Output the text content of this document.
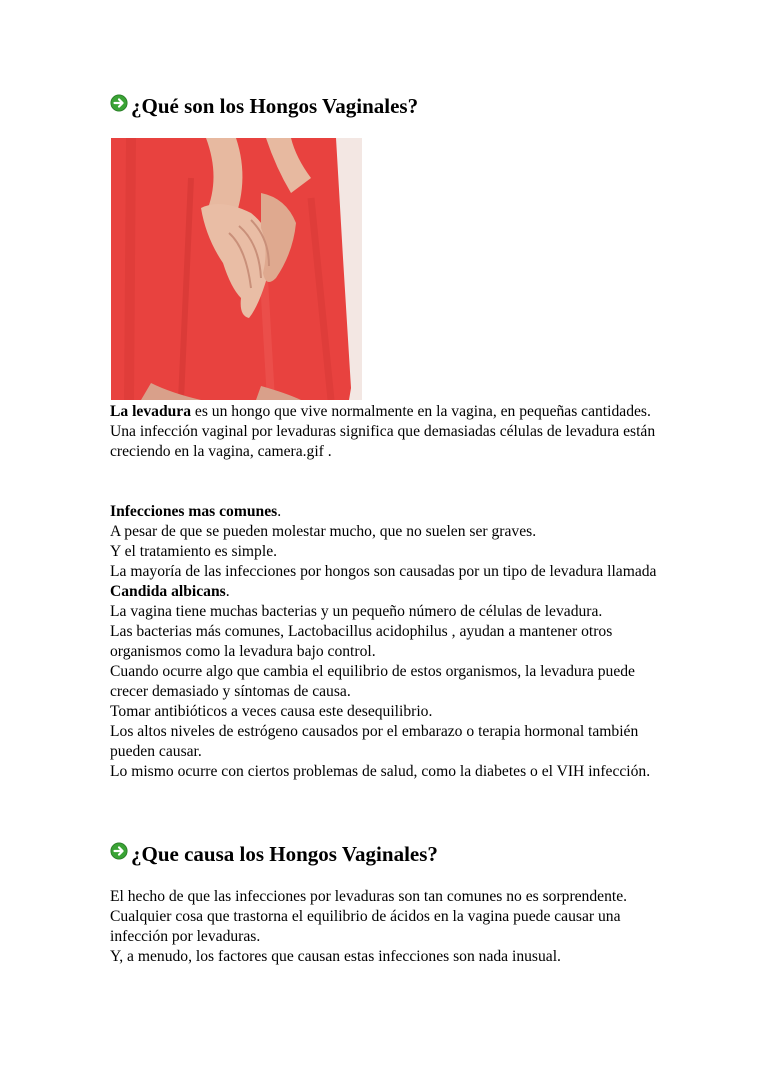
¿Qué son los Hongos Vaginales?

La levadura es un hongo que vive normalmente en la vagina, en pequeñas cantidades.

Una infección vaginal por levaduras significa que demasiadas células de levadura están creciendo en la vagina, camera.gif .

Infecciones mas comunes.

A pesar de que se pueden molestar mucho, que no suelen ser graves.

Y el tratamiento es simple.

La mayoría de las infecciones por hongos son causadas por un tipo de levadura llamada Candida albicans.

La vagina tiene muchas bacterias y un pequeño número de células de levadura.

Las bacterias más comunes, Lactobacillus acidophilus , ayudan a mantener otros organismos como la levadura bajo control.

Cuando ocurre algo que cambia el equilibrio de estos organismos, la levadura puede crecer demasiado y síntomas de causa.

Tomar antibióticos a veces causa este desequilibrio.

Los altos niveles de estrógeno causados por el embarazo o terapia hormonal también pueden causar.

Lo mismo ocurre con ciertos problemas de salud, como la diabetes o el VIH infección.

¿Que causa los Hongos Vaginales?

El hecho de que las infecciones por levaduras son tan comunes no es sorprendente.

Cualquier cosa que trastorna el equilibrio de ácidos en la vagina puede causar una infección por levaduras.

Y, a menudo, los factores que causan estas infecciones son nada inusual.
